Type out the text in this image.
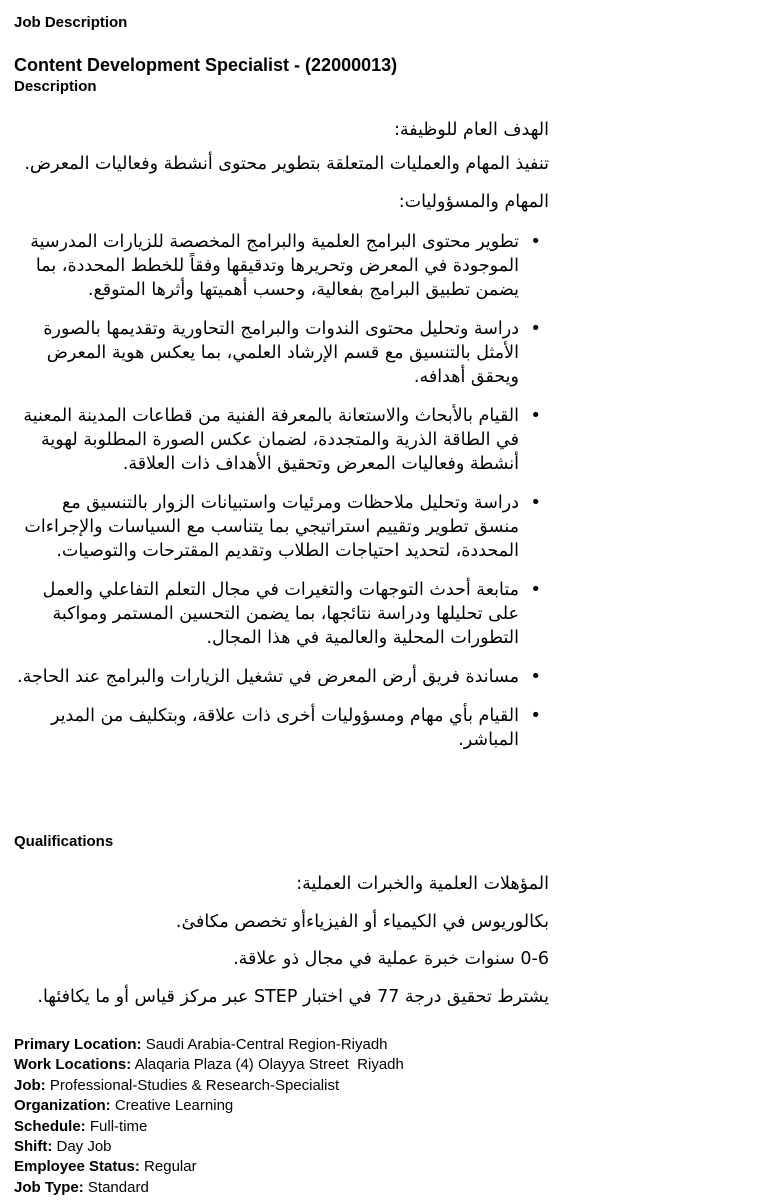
Job Description
Content Development Specialist - (22000013)
Description
الهدف العام للوظيفة:
تنفيذ المهام والعمليات المتعلقة بتطوير محتوى أنشطة وفعاليات المعرض.
المهام والمسؤوليات:
• تطوير محتوى البرامج العلمية والبرامج المخصصة للزيارات المدرسية الموجودة في المعرض وتحريرها وتدقيقها وفقاً للخطط المحددة، بما يضمن تطبيق البرامج بفعالية، وحسب أهميتها وأثرها المتوقع.
• دراسة وتحليل محتوى الندوات والبرامج التحاورية وتقديمها بالصورة الأمثل بالتنسيق مع قسم الإرشاد العلمي، بما يعكس هوية المعرض ويحقق أهدافه.
• القيام بالأبحاث والاستعانة بالمعرفة الفنية من قطاعات المدينة المعنية في الطاقة الذرية والمتجددة، لضمان عكس الصورة المطلوبة لهوية أنشطة وفعاليات المعرض وتحقيق الأهداف ذات العلاقة.
• دراسة وتحليل ملاحظات ومرئيات واستبيانات الزوار بالتنسيق مع منسق تطوير وتقييم استراتيجي بما يتناسب مع السياسات والإجراءات المحددة، لتحديد احتياجات الطلاب وتقديم المقترحات والتوصيات.
• متابعة أحدث التوجهات والتغيرات في مجال التعلم التفاعلي والعمل على تحليلها ودراسة نتائجها، بما يضمن التحسين المستمر ومواكبة التطورات المحلية والعالمية في هذا المجال.
• مساندة فريق أرض المعرض في تشغيل الزيارات والبرامج عند الحاجة.
• القيام بأي مهام ومسؤوليات أخرى ذات علاقة، وبتكليف من المدير المباشر.
Qualifications
المؤهلات العلمية والخبرات العملية:
بكالوريوس في الكيمياء أو الفيزياءأو تخصص مكافئ.
0-6 سنوات خبرة عملية في مجال ذو علاقة.
يشترط تحقيق درجة 77 في اختبار STEP عبر مركز قياس أو ما يكافئها.
Primary Location: Saudi Arabia-Central Region-Riyadh
Work Locations: Alaqaria Plaza (4) Olayya Street  Riyadh
Job: Professional-Studies & Research-Specialist
Organization: Creative Learning
Schedule: Full-time
Shift: Day Job
Employee Status: Regular
Job Type: Standard
